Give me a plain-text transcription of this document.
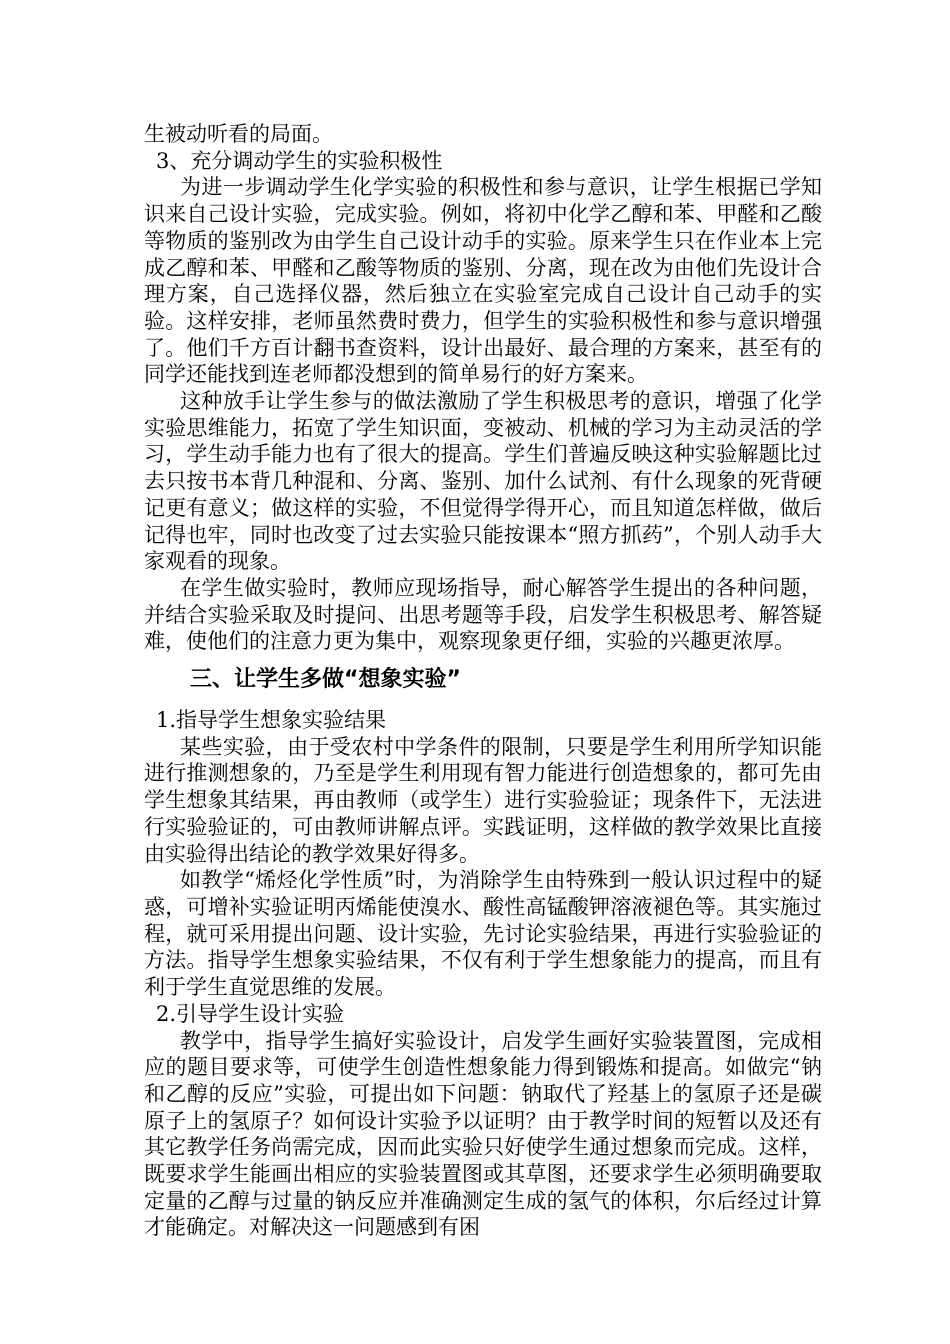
生被动听看的局面。

3、充分调动学生的实验积极性

为进一步调动学生化学实验的积极性和参与意识，让学生根据已学知识来自己设计实验，完成实验。例如，将初中化学乙醇和苯、甲醛和乙酸等物质的鉴别改为由学生自己设计动手的实验。原来学生只在作业本上完成乙醇和苯、甲醛和乙酸等物质的鉴别、分离，现在改为由他们先设计合理方案，自己选择仪器，然后独立在实验室完成自己设计自己动手的实验。这样安排，老师虽然费时费力，但学生的实验积极性和参与意识增强了。他们千方百计翻书查资料，设计出最好、最合理的方案来，甚至有的同学还能找到连老师都没想到的简单易行的好方案来。

这种放手让学生参与的做法激励了学生积极思考的意识，增强了化学实验思维能力，拓宽了学生知识面，变被动、机械的学习为主动灵活的学习，学生动手能力也有了很大的提高。学生们普遍反映这种实验解题比过去只按书本背几种混和、分离、鉴别、加什么试剂、有什么现象的死背硬记更有意义；做这样的实验，不但觉得学得开心，而且知道怎样做，做后记得也牢，同时也改变了过去实验只能按课本“照方抓药”，个别人动手大家观看的现象。

在学生做实验时，教师应现场指导，耐心解答学生提出的各种问题，并结合实验采取及时提问、出思考题等手段，启发学生积极思考、解答疑难，使他们的注意力更为集中，观察现象更仔细，实验的兴趣更浓厚。

三、让学生多做“想象实验”

1.指导学生想象实验结果

某些实验，由于受农村中学条件的限制，只要是学生利用所学知识能进行推测想象的，乃至是学生利用现有智力能进行创造想象的，都可先由学生想象其结果，再由教师（或学生）进行实验验证；现条件下，无法进行实验验证的，可由教师讲解点评。实践证明，这样做的教学效果比直接由实验得出结论的教学效果好得多。

如教学“烯烃化学性质”时，为消除学生由特殊到一般认识过程中的疑惑，可增补实验证明丙烯能使溴水、酸性高锰酸钾溶液褪色等。其实施过程，就可采用提出问题、设计实验，先讨论实验结果，再进行实验验证的方法。指导学生想象实验结果，不仅有利于学生想象能力的提高，而且有利于学生直觉思维的发展。

2.引导学生设计实验

教学中，指导学生搞好实验设计，启发学生画好实验装置图，完成相应的题目要求等，可使学生创造性想象能力得到锻炼和提高。如做完“钠和乙醇的反应”实验，可提出如下问题：钠取代了羟基上的氢原子还是碳原子上的氢原子？如何设计实验予以证明？由于教学时间的短暂以及还有其它教学任务尚需完成，因而此实验只好使学生通过想象而完成。这样，既要求学生能画出相应的实验装置图或其草图，还要求学生必须明确要取定量的乙醇与过量的钠反应并准确测定生成的氢气的体积，尔后经过计算才能确定。对解决这一问题感到有困
